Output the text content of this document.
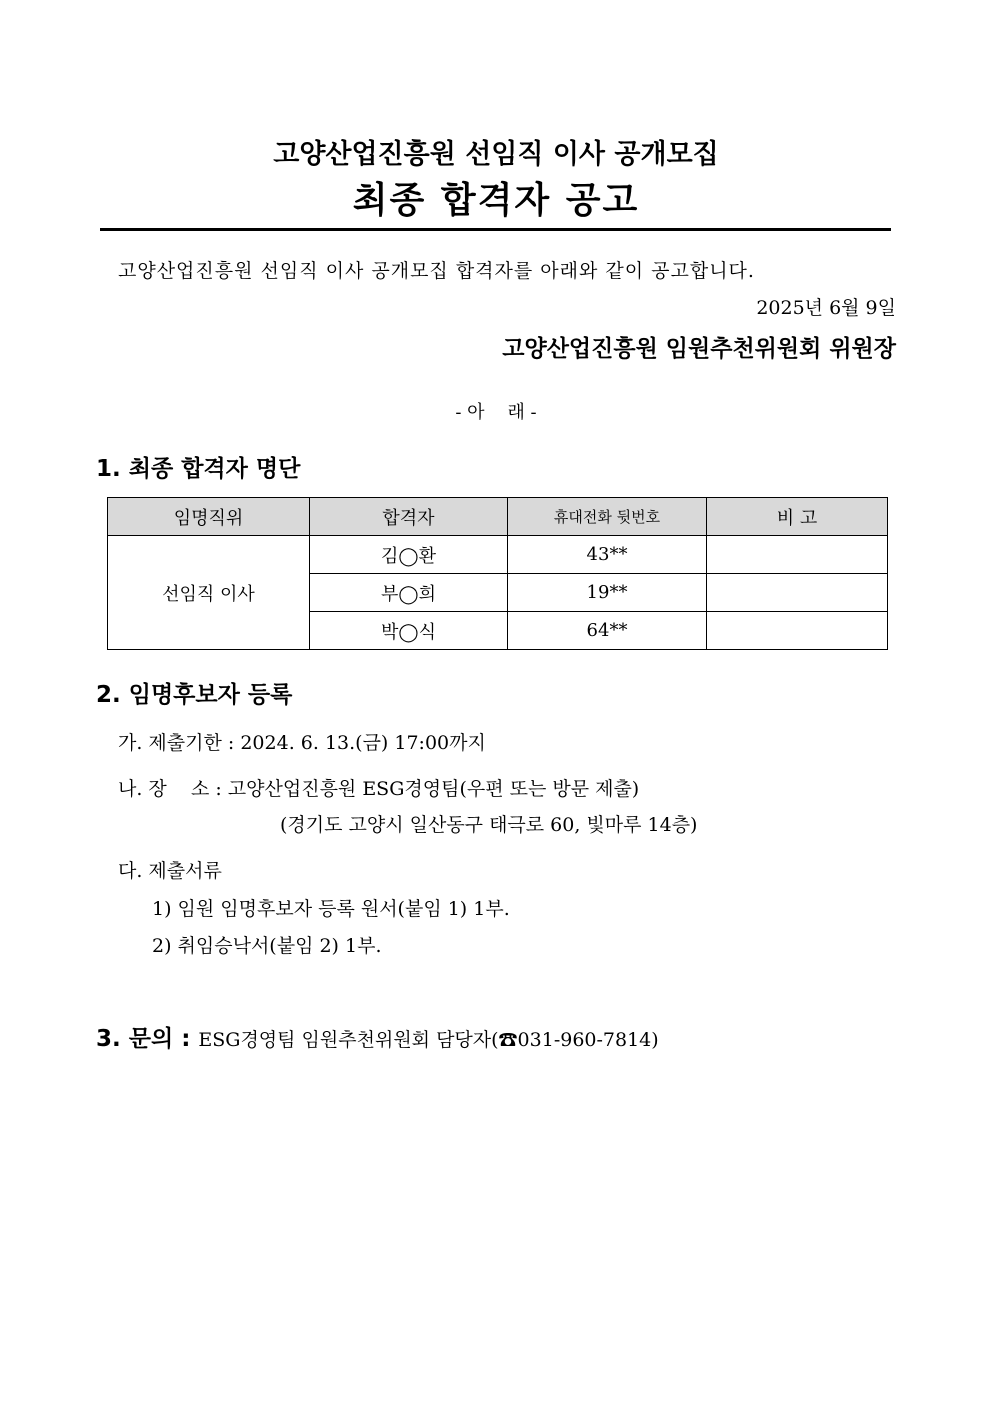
고양산업진흥원 선임직 이사 공개모집
최종 합격자 공고
고양산업진흥원 선임직 이사 공개모집 합격자를 아래와 같이 공고합니다.
2025년 6월 9일
고양산업진흥원 임원추천위원회 위원장
- 아    래 -
1. 최종 합격자 명단
임명직위	합격자	휴대전화 뒷번호	비 고
선임직 이사	김◯환	43**	
	부◯희	19**	
	박◯식	64**	
2. 임명후보자 등록
가. 제출기한 : 2024. 6. 13.(금) 17:00까지
나. 장    소 : 고양산업진흥원 ESG경영팀(우편 또는 방문 제출)
(경기도 고양시 일산동구 태극로 60, 빛마루 14층)
다. 제출서류
1) 임원 임명후보자 등록 원서(붙임 1) 1부.
2) 취임승낙서(붙임 2) 1부.
3. 문의 : ESG경영팀 임원추천위원회 담당자(☎031-960-7814)
